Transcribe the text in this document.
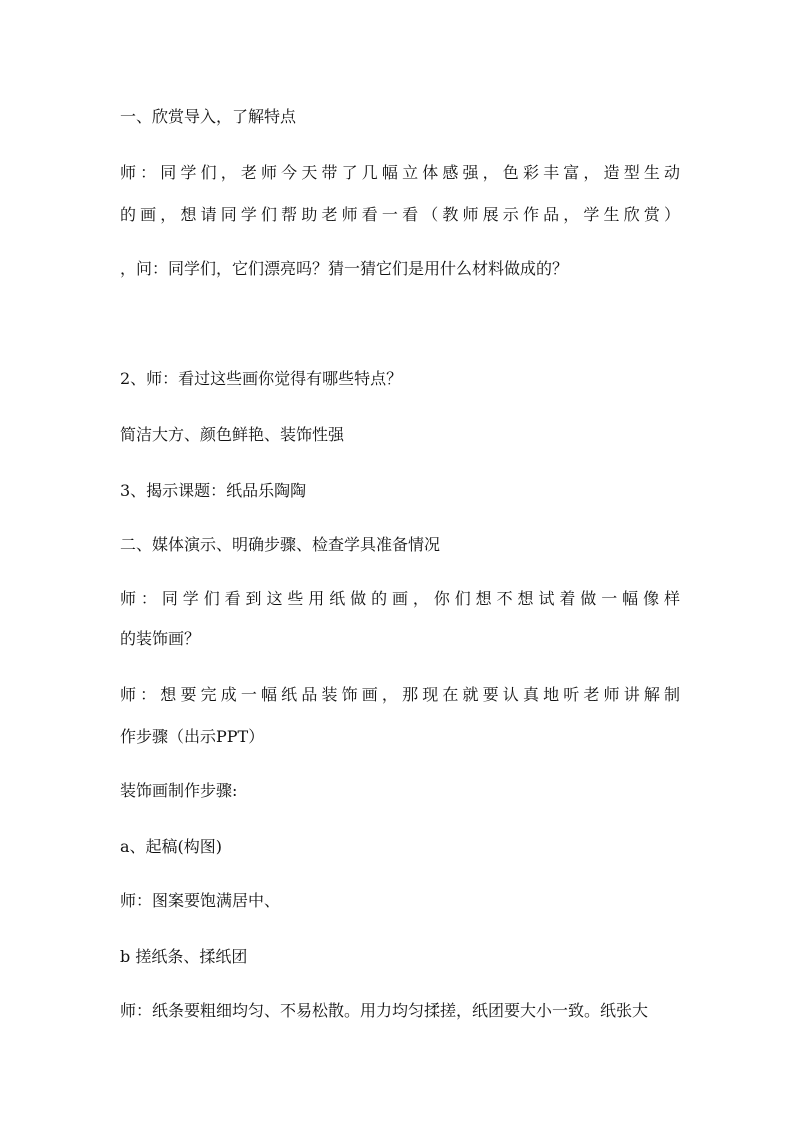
一、欣赏导入，了解特点
师：同学们，老师今天带了几幅立体感强，色彩丰富，造型生动
的画，想请同学们帮助老师看一看（教师展示作品，学生欣赏）
，问：同学们，它们漂亮吗？猜一猜它们是用什么材料做成的？
2、师：看过这些画你觉得有哪些特点？
简洁大方、颜色鲜艳、装饰性强
3、揭示课题：纸品乐陶陶
二、媒体演示、明确步骤、检查学具准备情况
师：同学们看到这些用纸做的画，你们想不想试着做一幅像样
的装饰画？
师：想要完成一幅纸品装饰画，那现在就要认真地听老师讲解制
作步骤（出示PPT）
装饰画制作步骤:
a、起稿(构图)
师：图案要饱满居中、
b 搓纸条、揉纸团
师：纸条要粗细均匀、不易松散。用力均匀揉搓，纸团要大小一致。纸张大
